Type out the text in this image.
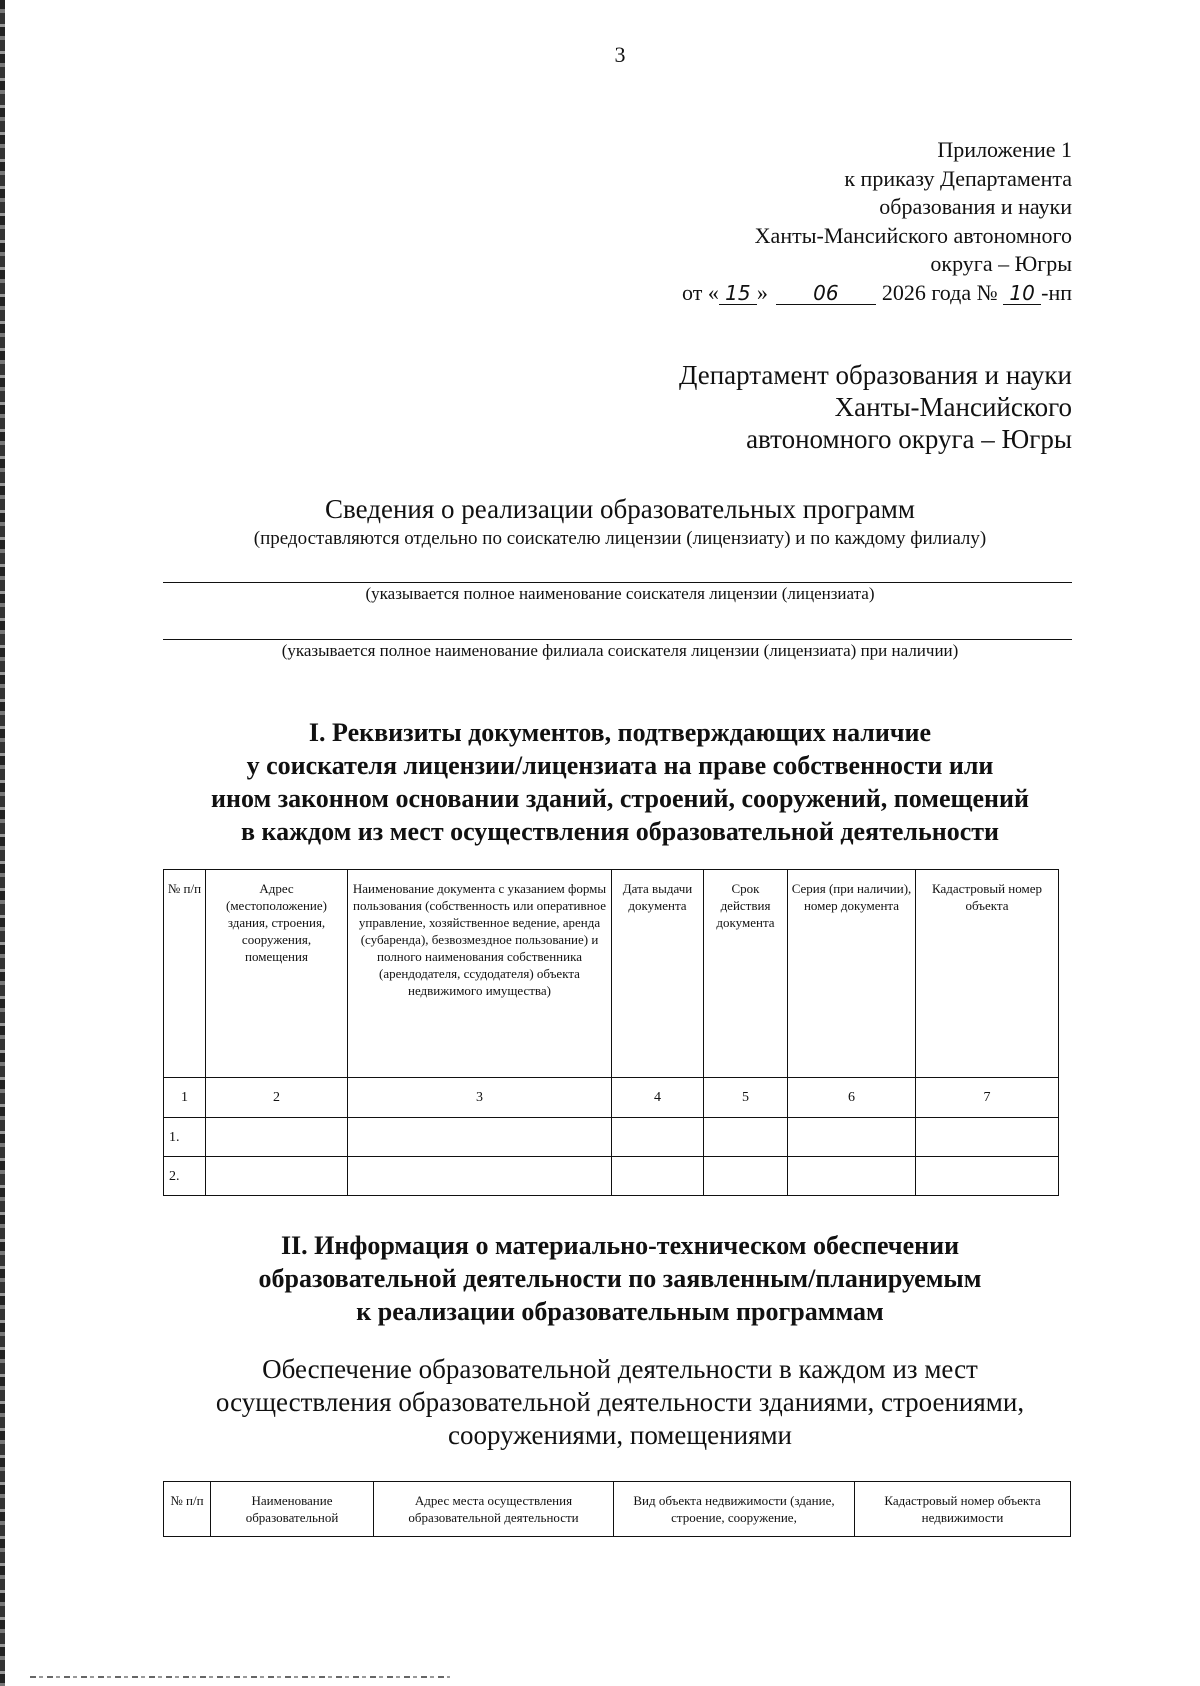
3
Приложение 1
к приказу Департамента
образования и науки
Ханты-Мансийского автономного
округа – Югры
от « 15 » 06 2026 года № 10 -нп
Департамент образования и науки
Ханты-Мансийского
автономного округа – Югры
Сведения о реализации образовательных программ
(предоставляются отдельно по соискателю лицензии (лицензиату) и по каждому филиалу)
(указывается полное наименование соискателя лицензии (лицензиата)
(указывается полное наименование филиала соискателя лицензии (лицензиата) при наличии)
I. Реквизиты документов, подтверждающих наличие
у соискателя лицензии/лицензиата на праве собственности или
ином законном основании зданий, строений, сооружений, помещений
в каждом из мест осуществления образовательной деятельности
№ п/п	Адрес (местоположение) здания, строения, сооружения, помещения	Наименование документа с указанием формы пользования (собственность или оперативное управление, хозяйственное ведение, аренда (субаренда), безвозмездное пользование) и полного наименования собственника (арендодателя, ссудодателя) объекта недвижимого имущества)	Дата выдачи документа	Срок действия документа	Серия (при наличии), номер документа	Кадастровый номер объекта
1	2	3	4	5	6	7
1.						
2.						
II. Информация о материально-техническом обеспечении
образовательной деятельности по заявленным/планируемым
к реализации образовательным программам
Обеспечение образовательной деятельности в каждом из мест
осуществления образовательной деятельности зданиями, строениями,
сооружениями, помещениями
№ п/п	Наименование образовательной	Адрес места осуществления образовательной деятельности	Вид объекта недвижимости (здание, строение, сооружение,	Кадастровый номер объекта недвижимости
